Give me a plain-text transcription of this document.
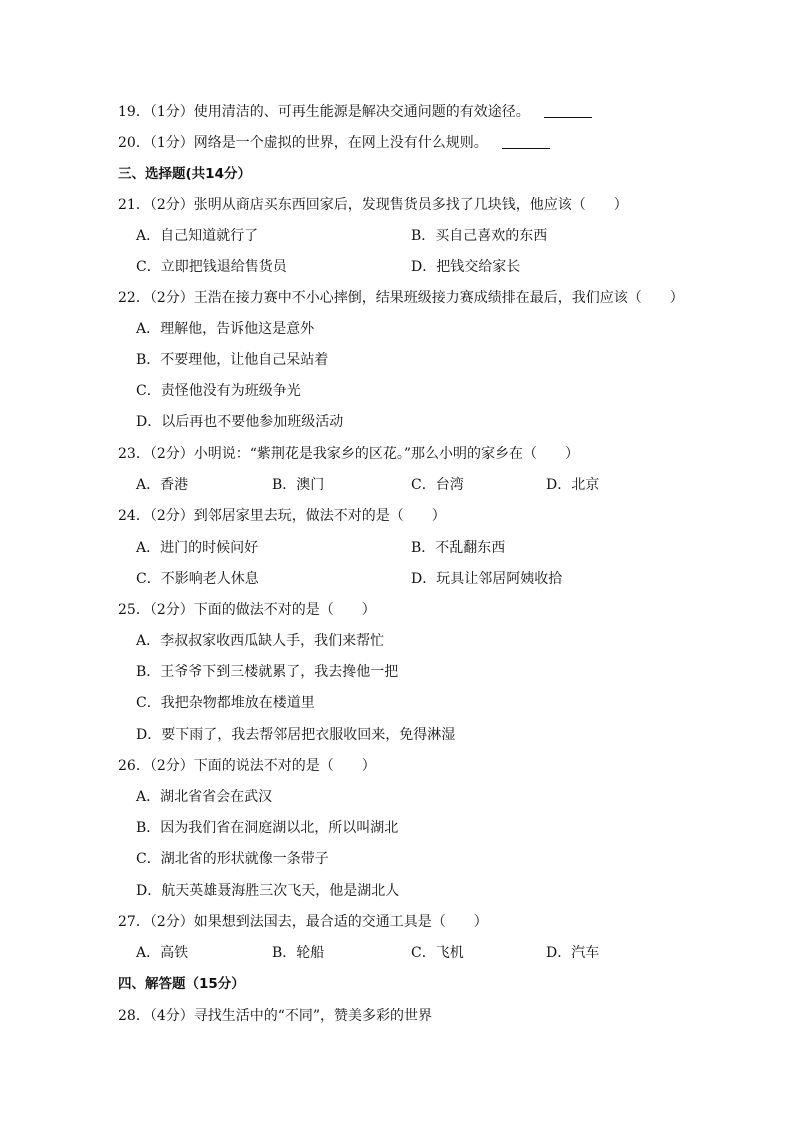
19．（1分）使用清洁的、可再生能源是解决交通问题的有效途径。
20．（1分）网络是一个虚拟的世界，在网上没有什么规则。
三、选择题(共14分）
21．（2分）张明从商店买东西回家后，发现售货员多找了几块钱，他应该（　　）
A．自己知道就行了	B．买自己喜欢的东西
C．立即把钱退给售货员	D．把钱交给家长
22．（2分）王浩在接力赛中不小心摔倒，结果班级接力赛成绩排在最后，我们应该（　　）
A．理解他，告诉他这是意外
B．不要理他，让他自己呆站着
C．责怪他没有为班级争光
D．以后再也不要他参加班级活动
23．（2分）小明说：“紫荆花是我家乡的区花。”那么小明的家乡在（　　）
A．香港	B．澳门	C．台湾	D．北京
24．（2分）到邻居家里去玩，做法不对的是（　　）
A．进门的时候问好	B．不乱翻东西
C．不影响老人休息	D．玩具让邻居阿姨收拾
25．（2分）下面的做法不对的是（　　）
A．李叔叔家收西瓜缺人手，我们来帮忙
B．王爷爷下到三楼就累了，我去搀他一把
C．我把杂物都堆放在楼道里
D．要下雨了，我去帮邻居把衣服收回来，免得淋湿
26．（2分）下面的说法不对的是（　　）
A．湖北省省会在武汉
B．因为我们省在洞庭湖以北，所以叫湖北
C．湖北省的形状就像一条带子
D．航天英雄聂海胜三次飞天，他是湖北人
27．（2分）如果想到法国去，最合适的交通工具是（　　）
A．高铁	B．轮船	C．飞机	D．汽车
四、解答题（15分）
28．（4分）寻找生活中的“不同”，赞美多彩的世界
